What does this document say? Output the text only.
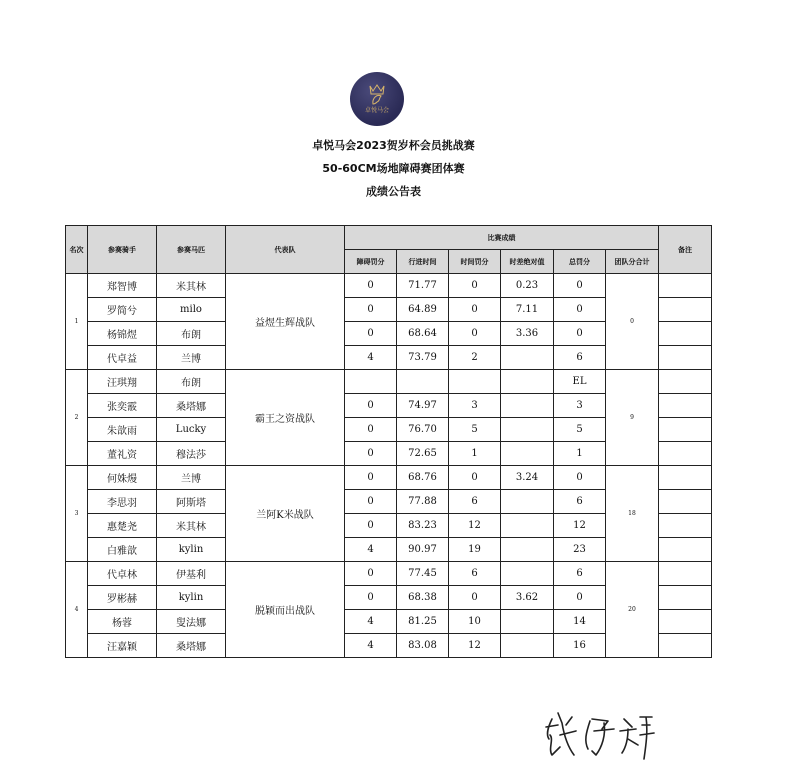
卓悦马会
卓悦马会2023贺岁杯会员挑战赛
50-60CM场地障碍赛团体赛
成绩公告表
名次	参赛骑手	参赛马匹	代表队	比赛成绩						备注
				障碍罚分	行进时间	时间罚分	时差绝对值	总罚分	团队分合计	
1	郑智博	米其林	益煜生辉战队	0	71.77	0	0.23	0	0	
	罗简兮	milo		0	64.89	0	7.11	0		
	杨锦煜	布朗		0	68.64	0	3.36	0		
	代卓益	兰博		4	73.79	2		6		
2	汪琪翔	布朗	霸王之资战队					EL	9	
	张奕霰	桑塔娜		0	74.97	3		3		
	朱歆雨	Lucky		0	76.70	5		5		
	董礼资	穆法莎		0	72.65	1		1		
3	何姝熳	兰博	兰阿K米战队	0	68.76	0	3.24	0	18	
	李思羽	阿斯塔		0	77.88	6		6		
	惠楚尧	米其林		0	83.23	12		12		
	白雅歆	kylin		4	90.97	19		23		
4	代卓林	伊基利	脱颖而出战队	0	77.45	6		6	20	
	罗彬赫	kylin		0	68.38	0	3.62	0		
	杨蓉	叟法娜		4	81.25	10		14		
	汪嘉颖	桑塔娜		4	83.08	12		16		
